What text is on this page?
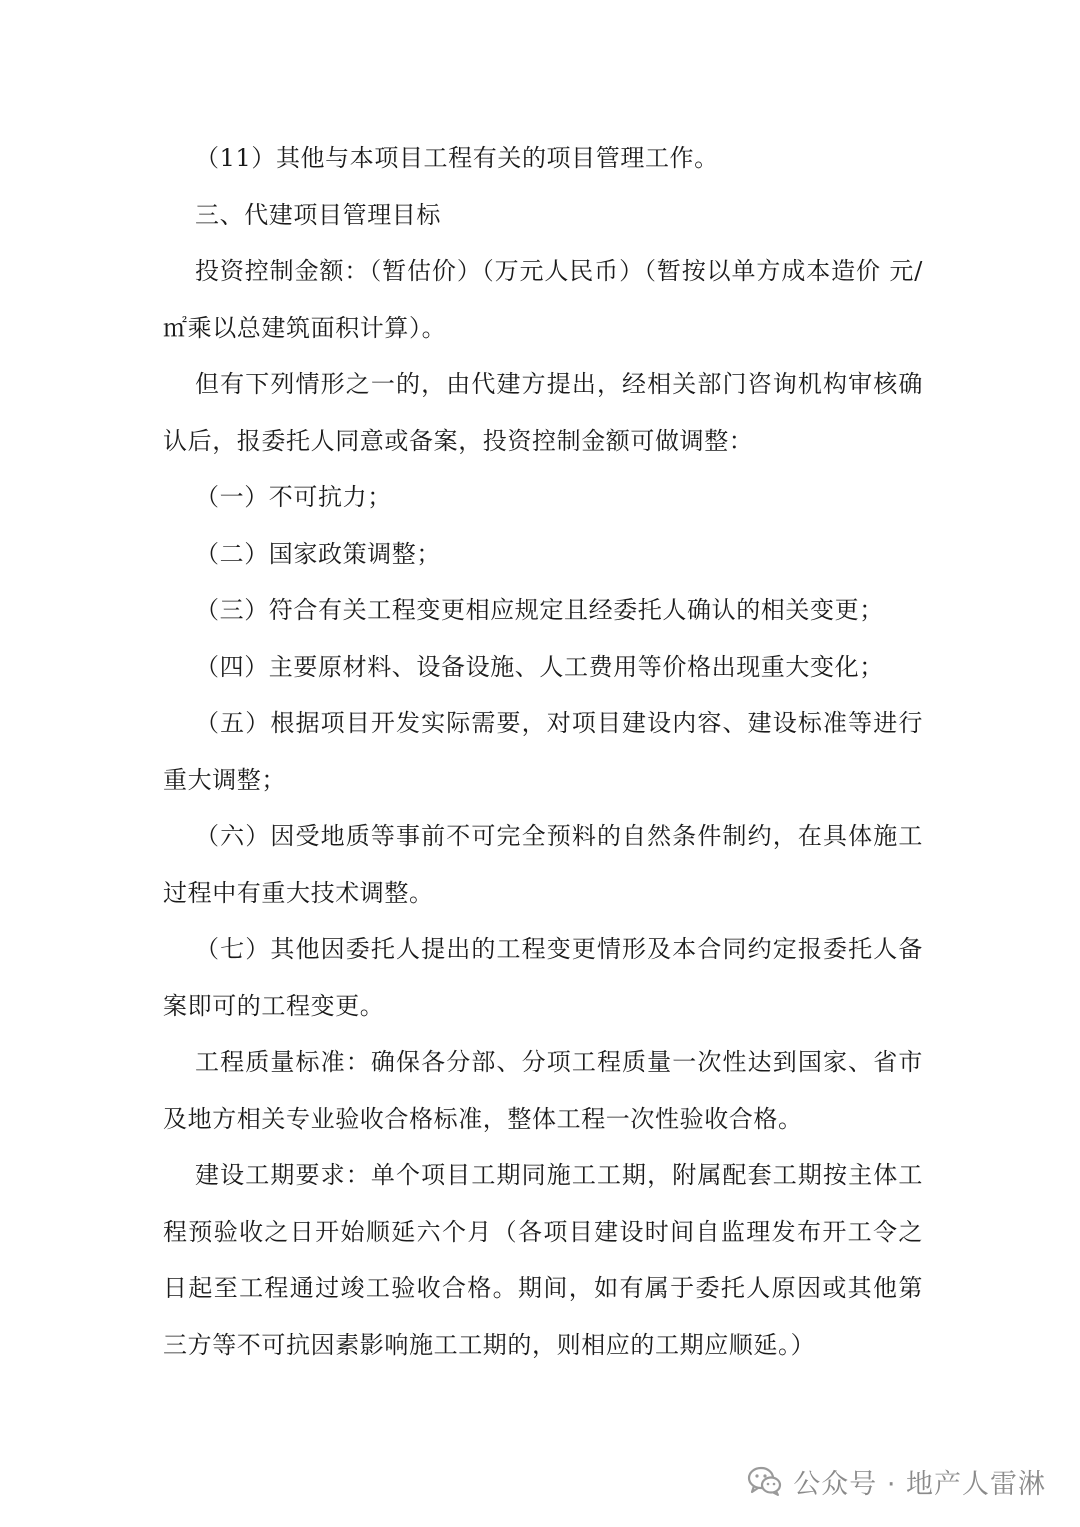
（11）其他与本项目工程有关的项目管理工作。

三、代建项目管理目标

投资控制金额：（暂估价）（万元人民币）（暂按以单方成本造价 元/㎡乘以总建筑面积计算）。

但有下列情形之一的，由代建方提出，经相关部门咨询机构审核确认后，报委托人同意或备案，投资控制金额可做调整：

（一）不可抗力；

（二）国家政策调整；

（三）符合有关工程变更相应规定且经委托人确认的相关变更；

（四）主要原材料、设备设施、人工费用等价格出现重大变化；

（五）根据项目开发实际需要，对项目建设内容、建设标准等进行重大调整；

（六）因受地质等事前不可完全预料的自然条件制约，在具体施工过程中有重大技术调整。

（七）其他因委托人提出的工程变更情形及本合同约定报委托人备案即可的工程变更。

工程质量标准：确保各分部、分项工程质量一次性达到国家、省市及地方相关专业验收合格标准，整体工程一次性验收合格。

建设工期要求：单个项目工期同施工工期，附属配套工期按主体工程预验收之日开始顺延六个月（各项目建设时间自监理发布开工令之日起至工程通过竣工验收合格。期间，如有属于委托人原因或其他第三方等不可抗因素影响施工工期的，则相应的工期应顺延。）

公众号 · 地产人雷淋
